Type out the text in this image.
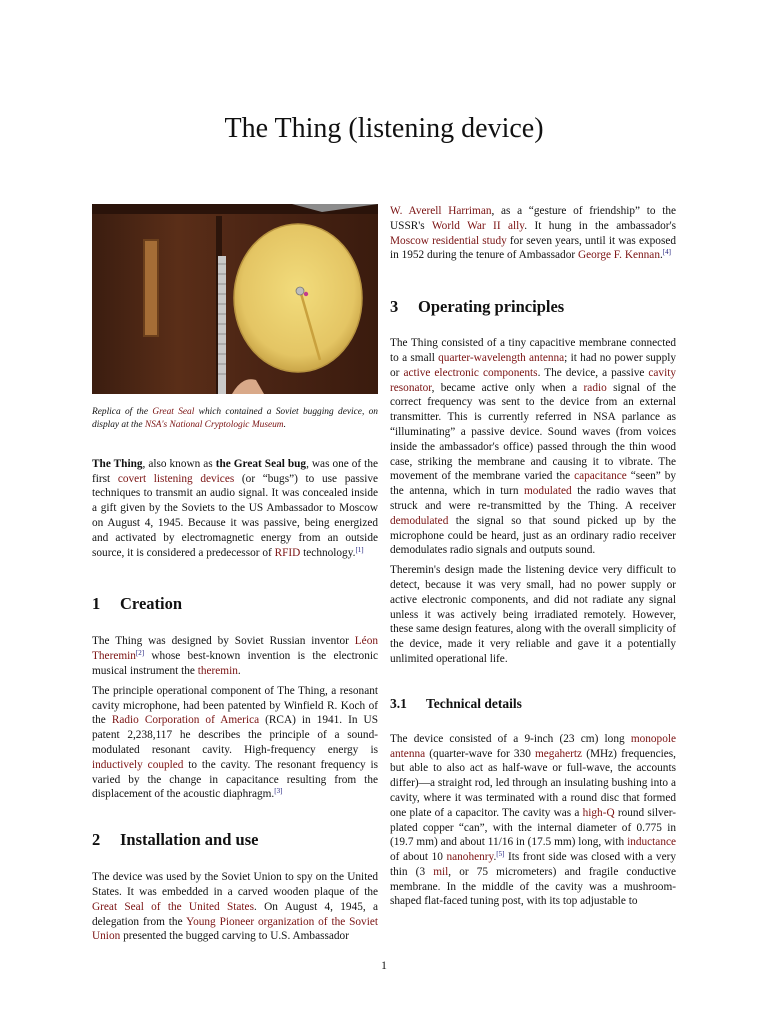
The Thing (listening device)

Replica of the Great Seal which contained a Soviet bugging device, on display at the NSA's National Cryptologic Museum.

The Thing, also known as the Great Seal bug, was one of the first covert listening devices (or “bugs”) to use passive techniques to transmit an audio signal. It was concealed inside a gift given by the Soviets to the US Ambassador to Moscow on August 4, 1945. Because it was passive, being energized and activated by electromagnetic energy from an outside source, it is considered a predecessor of RFID technology.[1]

1 Creation

The Thing was designed by Soviet Russian inventor Léon Theremin[2] whose best-known invention is the electronic musical instrument the theremin.

The principle operational component of The Thing, a resonant cavity microphone, had been patented by Winfield R. Koch of the Radio Corporation of America (RCA) in 1941. In US patent 2,238,117 he describes the principle of a sound-modulated resonant cavity. High-frequency energy is inductively coupled to the cavity. The resonant frequency is varied by the change in capacitance resulting from the displacement of the acoustic diaphragm.[3]

2 Installation and use

The device was used by the Soviet Union to spy on the United States. It was embedded in a carved wooden plaque of the Great Seal of the United States. On August 4, 1945, a delegation from the Young Pioneer organization of the Soviet Union presented the bugged carving to U.S. Ambassador

W. Averell Harriman, as a “gesture of friendship” to the USSR's World War II ally. It hung in the ambassador's Moscow residential study for seven years, until it was exposed in 1952 during the tenure of Ambassador George F. Kennan.[4]

3 Operating principles

The Thing consisted of a tiny capacitive membrane connected to a small quarter-wavelength antenna; it had no power supply or active electronic components. The device, a passive cavity resonator, became active only when a radio signal of the correct frequency was sent to the device from an external transmitter. This is currently referred in NSA parlance as “illuminating” a passive device. Sound waves (from voices inside the ambassador's office) passed through the thin wood case, striking the membrane and causing it to vibrate. The movement of the membrane varied the capacitance “seen” by the antenna, which in turn modulated the radio waves that struck and were re-transmitted by the Thing. A receiver demodulated the signal so that sound picked up by the microphone could be heard, just as an ordinary radio receiver demodulates radio signals and outputs sound.

Theremin's design made the listening device very difficult to detect, because it was very small, had no power supply or active electronic components, and did not radiate any signal unless it was actively being irradiated remotely. However, these same design features, along with the overall simplicity of the device, made it very reliable and gave it a potentially unlimited operational life.

3.1 Technical details

The device consisted of a 9-inch (23 cm) long monopole antenna (quarter-wave for 330 megahertz (MHz) frequencies, but able to also act as half-wave or full-wave, the accounts differ)—a straight rod, led through an insulating bushing into a cavity, where it was terminated with a round disc that formed one plate of a capacitor. The cavity was a high-Q round silver-plated copper “can”, with the internal diameter of 0.775 in (19.7 mm) and about 11/16 in (17.5 mm) long, with inductance of about 10 nanohenry.[5] Its front side was closed with a very thin (3 mil, or 75 micrometers) and fragile conductive membrane. In the middle of the cavity was a mushroom-shaped flat-faced tuning post, with its top adjustable to

1
